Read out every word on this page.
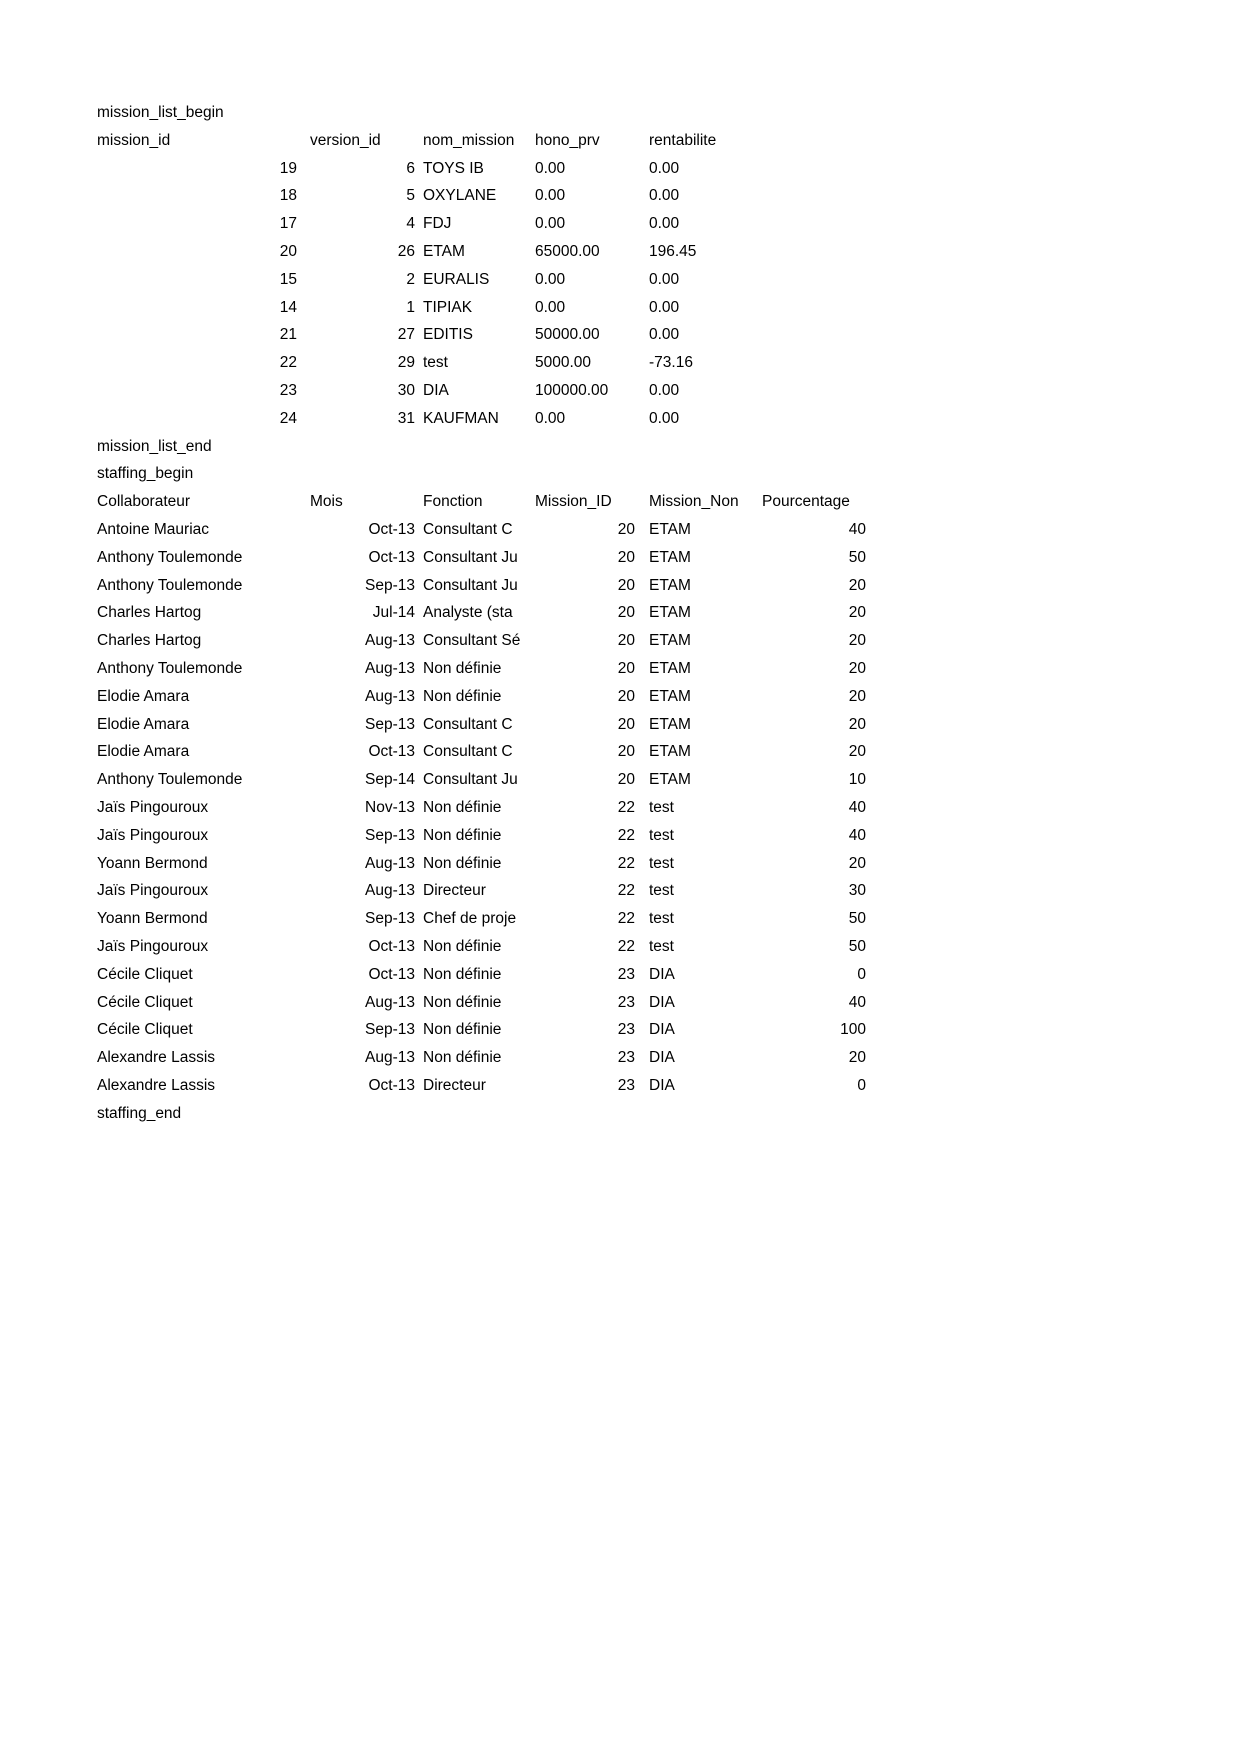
mission_list_begin
mission_id	version_id	nom_mission	hono_prv	rentabilite
19	6 TOYS IB	0.00	0.00
18	5 OXYLANE	0.00	0.00
17	4 FDJ	0.00	0.00
20	26 ETAM	65000.00	196.45
15	2 EURALIS	0.00	0.00
14	1 TIPIAK	0.00	0.00
21	27 EDITIS	50000.00	0.00
22	29 test	5000.00	-73.16
23	30 DIA	100000.00	0.00
24	31 KAUFMAN	0.00	0.00
mission_list_end
staffing_begin
Collaborateur	Mois	Fonction	Mission_ID	Mission_Non	Pourcentage
Antoine Mauriac	Oct-13 Consultant C	20 ETAM	40
Anthony Toulemonde	Oct-13 Consultant Ju	20 ETAM	50
Anthony Toulemonde	Sep-13 Consultant Ju	20 ETAM	20
Charles Hartog	Jul-14 Analyste (sta	20 ETAM	20
Charles Hartog	Aug-13 Consultant Sé	20 ETAM	20
Anthony Toulemonde	Aug-13 Non définie	20 ETAM	20
Elodie Amara	Aug-13 Non définie	20 ETAM	20
Elodie Amara	Sep-13 Consultant C	20 ETAM	20
Elodie Amara	Oct-13 Consultant C	20 ETAM	20
Anthony Toulemonde	Sep-14 Consultant Ju	20 ETAM	10
Jaïs Pingouroux	Nov-13 Non définie	22 test	40
Jaïs Pingouroux	Sep-13 Non définie	22 test	40
Yoann Bermond	Aug-13 Non définie	22 test	20
Jaïs Pingouroux	Aug-13 Directeur	22 test	30
Yoann Bermond	Sep-13 Chef de proje	22 test	50
Jaïs Pingouroux	Oct-13 Non définie	22 test	50
Cécile Cliquet	Oct-13 Non définie	23 DIA	0
Cécile Cliquet	Aug-13 Non définie	23 DIA	40
Cécile Cliquet	Sep-13 Non définie	23 DIA	100
Alexandre Lassis	Aug-13 Non définie	23 DIA	20
Alexandre Lassis	Oct-13 Directeur	23 DIA	0
staffing_end
